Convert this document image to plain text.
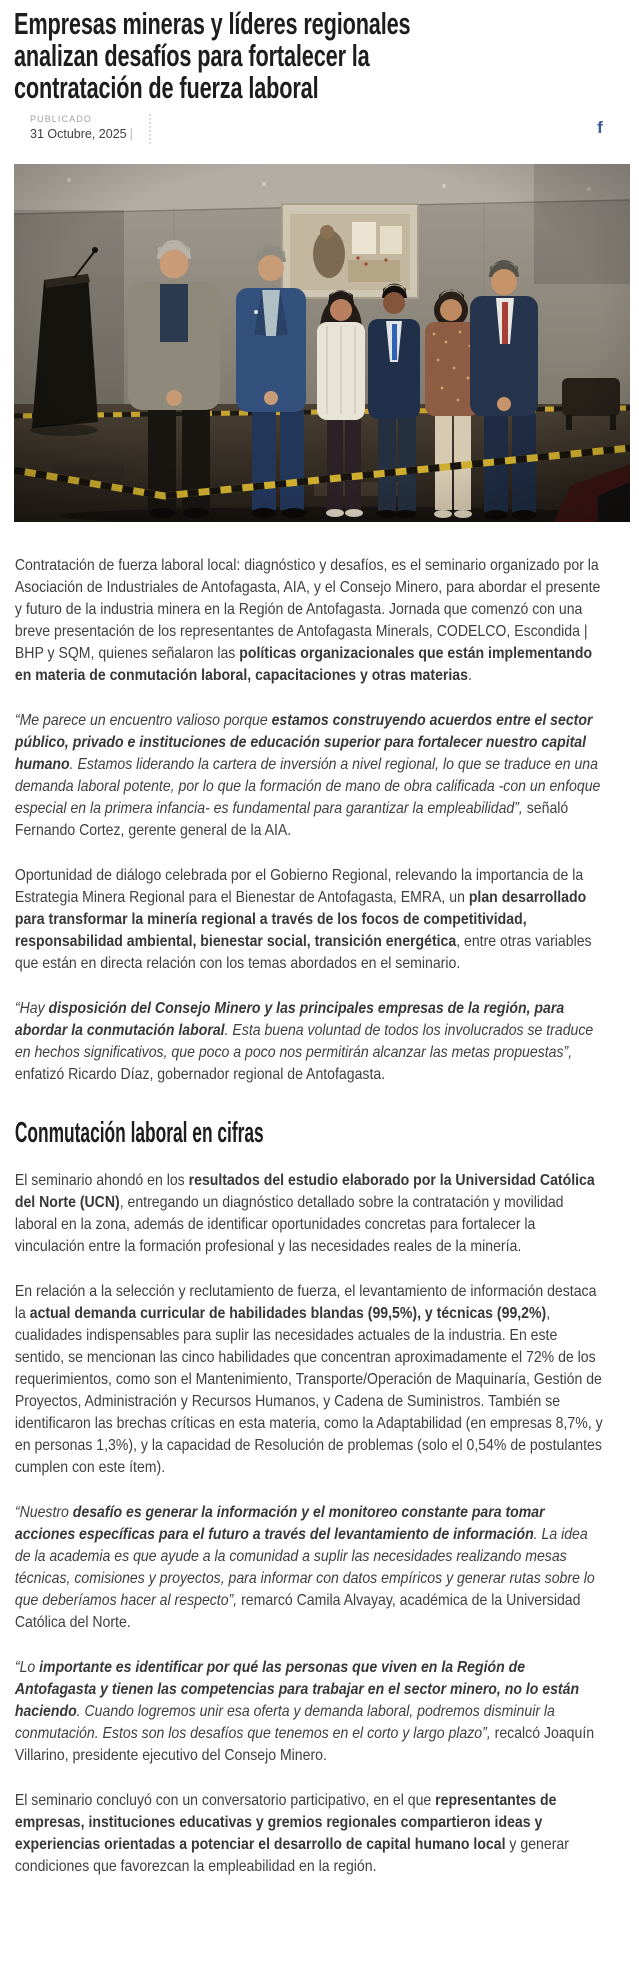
Empresas mineras y líderes regionales analizan desafíos para fortalecer la contratación de fuerza laboral
PUBLICADO
31 Octubre, 2025 |	f

Contratación de fuerza laboral local: diagnóstico y desafíos, es el seminario organizado por la Asociación de Industriales de Antofagasta, AIA, y el Consejo Minero, para abordar el presente y futuro de la industria minera en la Región de Antofagasta. Jornada que comenzó con una breve presentación de los representantes de Antofagasta Minerals, CODELCO, Escondida | BHP y SQM, quienes señalaron las políticas organizacionales que están implementando en materia de conmutación laboral, capacitaciones y otras materias.

“Me parece un encuentro valioso porque estamos construyendo acuerdos entre el sector público, privado e instituciones de educación superior para fortalecer nuestro capital humano. Estamos liderando la cartera de inversión a nivel regional, lo que se traduce en una demanda laboral potente, por lo que la formación de mano de obra calificada -con un enfoque especial en la primera infancia- es fundamental para garantizar la empleabilidad”, señaló Fernando Cortez, gerente general de la AIA.

Oportunidad de diálogo celebrada por el Gobierno Regional, relevando la importancia de la Estrategia Minera Regional para el Bienestar de Antofagasta, EMRA, un plan desarrollado para transformar la minería regional a través de los focos de competitividad, responsabilidad ambiental, bienestar social, transición energética, entre otras variables que están en directa relación con los temas abordados en el seminario.

“Hay disposición del Consejo Minero y las principales empresas de la región, para abordar la conmutación laboral. Esta buena voluntad de todos los involucrados se traduce en hechos significativos, que poco a poco nos permitirán alcanzar las metas propuestas”, enfatizó Ricardo Díaz, gobernador regional de Antofagasta.

Conmutación laboral en cifras

El seminario ahondó en los resultados del estudio elaborado por la Universidad Católica del Norte (UCN), entregando un diagnóstico detallado sobre la contratación y movilidad laboral en la zona, además de identificar oportunidades concretas para fortalecer la vinculación entre la formación profesional y las necesidades reales de la minería.

En relación a la selección y reclutamiento de fuerza, el levantamiento de información destaca la actual demanda curricular de habilidades blandas (99,5%), y técnicas (99,2%), cualidades indispensables para suplir las necesidades actuales de la industria. En este sentido, se mencionan las cinco habilidades que concentran aproximadamente el 72% de los requerimientos, como son el Mantenimiento, Transporte/Operación de Maquinaría, Gestión de Proyectos, Administración y Recursos Humanos, y Cadena de Suministros. También se identificaron las brechas críticas en esta materia, como la Adaptabilidad (en empresas 8,7%, y en personas 1,3%), y la capacidad de Resolución de problemas (solo el 0,54% de postulantes cumplen con este ítem).

“Nuestro desafío es generar la información y el monitoreo constante para tomar acciones específicas para el futuro a través del levantamiento de información. La idea de la academia es que ayude a la comunidad a suplir las necesidades realizando mesas técnicas, comisiones y proyectos, para informar con datos empíricos y generar rutas sobre lo que deberíamos hacer al respecto”, remarcó Camila Alvayay, académica de la Universidad Católica del Norte.

“Lo importante es identificar por qué las personas que viven en la Región de Antofagasta y tienen las competencias para trabajar en el sector minero, no lo están haciendo. Cuando logremos unir esa oferta y demanda laboral, podremos disminuir la conmutación. Estos son los desafíos que tenemos en el corto y largo plazo”, recalcó Joaquín Villarino, presidente ejecutivo del Consejo Minero.

El seminario concluyó con un conversatorio participativo, en el que representantes de empresas, instituciones educativas y gremios regionales compartieron ideas y experiencias orientadas a potenciar el desarrollo de capital humano local y generar condiciones que favorezcan la empleabilidad en la región.
